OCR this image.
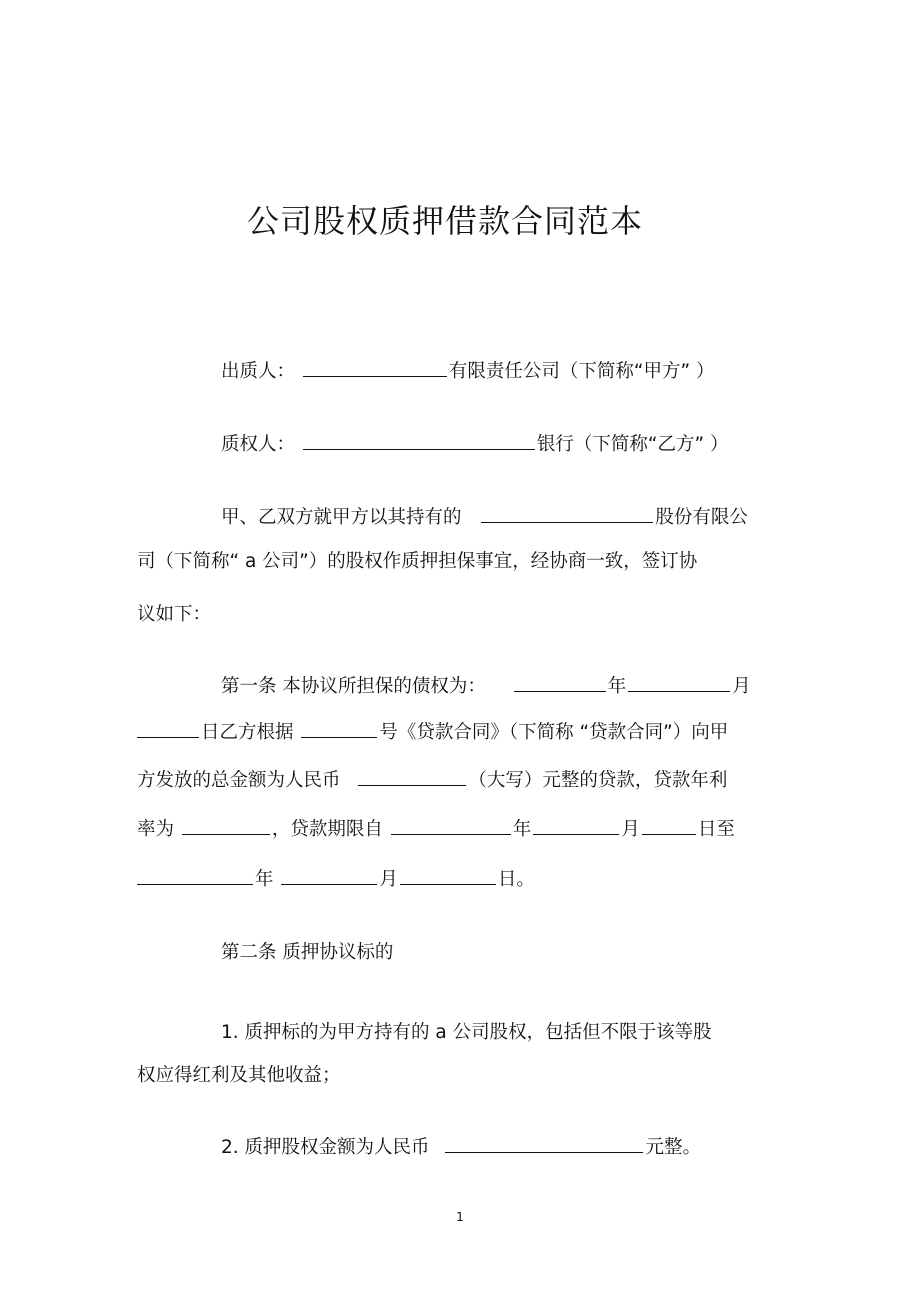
公司股权质押借款合同范本
出质人：	有限责任公司（下简称“甲方” ）
质权人：	银行（下简称“乙方” ）
甲、乙双方就甲方以其持有的	股份有限公
司（下简称“ a 公司”）的股权作质押担保事宜，经协商一致，签订协
议如下：
第一条 本协议所担保的债权为：	年	月
日乙方根据	号《贷款合同》（下简称 “贷款合同”）向甲
方发放的总金额为人民币	（大写）元整的贷款，贷款年利
率为	，贷款期限自	年	月	日至
年	月	日。
第二条 质押协议标的
1. 质押标的为甲方持有的 a 公司股权，包括但不限于该等股
权应得红利及其他收益；
2. 质押股权金额为人民币	元整。
1
